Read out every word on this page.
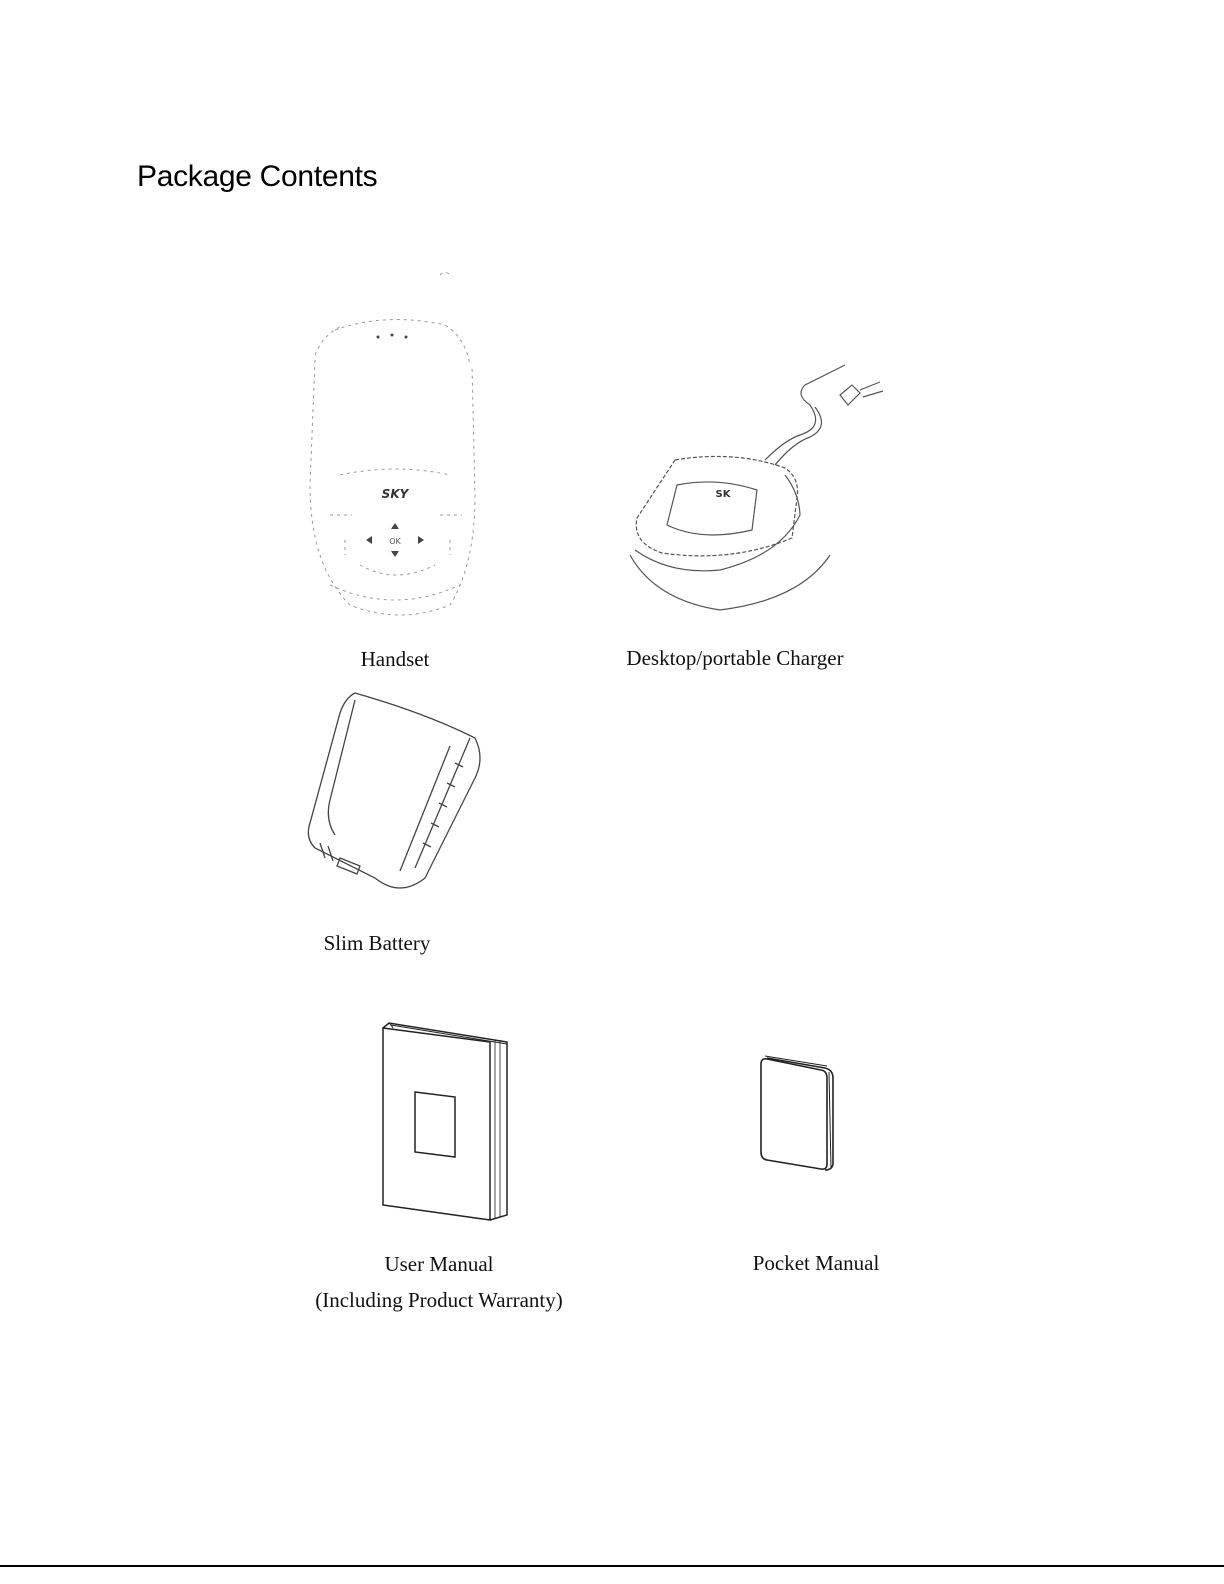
Package Contents
SKY
OK
Handset
SK
Desktop/portable Charger
Slim Battery
User Manual
(Including Product Warranty)
Pocket Manual
